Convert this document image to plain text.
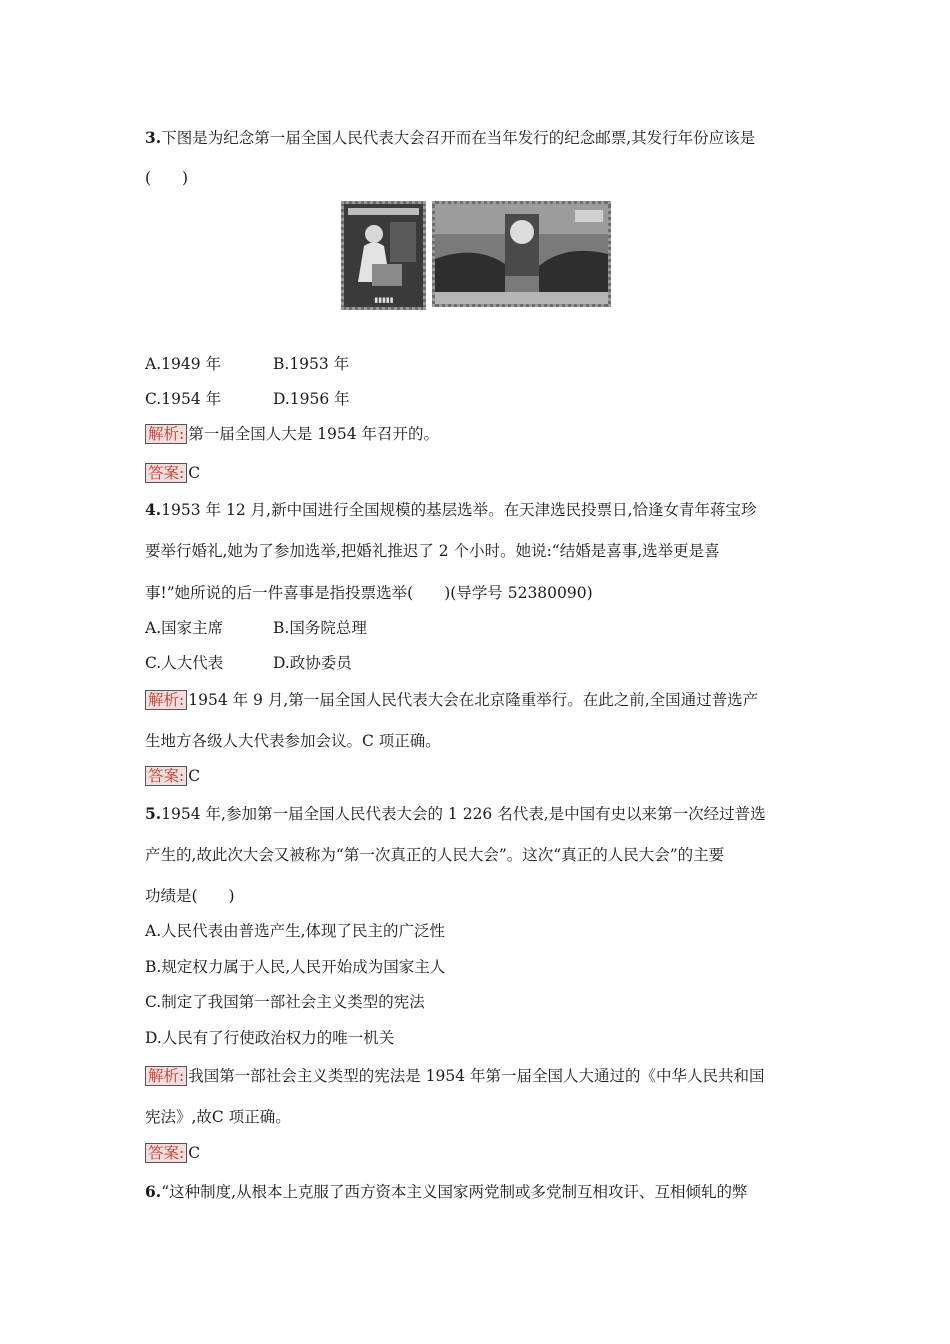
3.下图是为纪念第一届全国人民代表大会召开而在当年发行的纪念邮票,其发行年份应该是
(　　)
▮▮▮▮▮
A.1949 年	B.1953 年
C.1954 年	D.1956 年
解析: 第一届全国人大是 1954 年召开的。
答案: C
4.1953 年 12 月,新中国进行全国规模的基层选举。在天津选民投票日,恰逢女青年蒋宝珍
要举行婚礼,她为了参加选举,把婚礼推迟了 2 个小时。她说:“结婚是喜事,选举更是喜
事!”她所说的后一件喜事是指投票选举(　　)(导学号 52380090)
A.国家主席	B.国务院总理
C.人大代表	D.政协委员
解析: 1954 年 9 月,第一届全国人民代表大会在北京隆重举行。在此之前,全国通过普选产
生地方各级人大代表参加会议。C 项正确。
答案: C
5.1954 年,参加第一届全国人民代表大会的 1 226 名代表,是中国有史以来第一次经过普选
产生的,故此次大会又被称为“第一次真正的人民大会”。这次“真正的人民大会”的主要
功绩是(　　)
A.人民代表由普选产生,体现了民主的广泛性
B.规定权力属于人民,人民开始成为国家主人
C.制定了我国第一部社会主义类型的宪法
D.人民有了行使政治权力的唯一机关
解析: 我国第一部社会主义类型的宪法是 1954 年第一届全国人大通过的《中华人民共和国
宪法》,故C 项正确。
答案: C
6.“这种制度,从根本上克服了西方资本主义国家两党制或多党制互相攻讦、互相倾轧的弊
